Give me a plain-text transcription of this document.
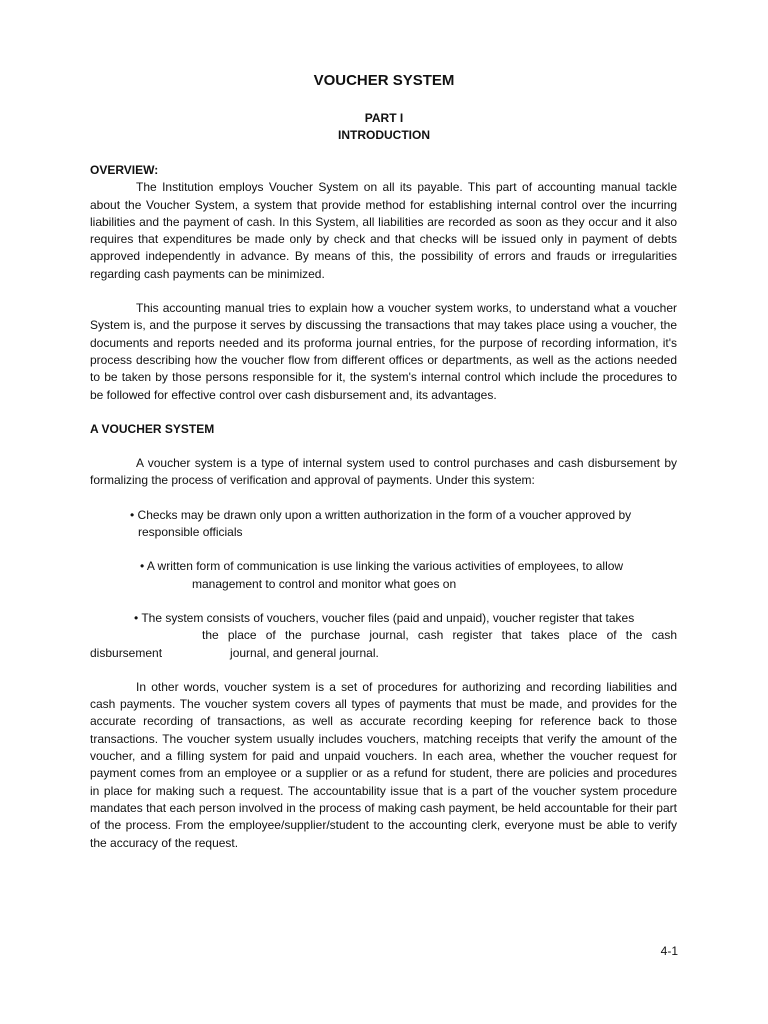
VOUCHER SYSTEM
PART I
INTRODUCTION

OVERVIEW:

The Institution employs Voucher System on all its payable. This part of accounting manual tackle about the Voucher System, a system that provide method for establishing internal control over the incurring liabilities and the payment of cash. In this System, all liabilities are recorded as soon as they occur and it also requires that expenditures be made only by check and that checks will be issued only in payment of debts approved independently in advance. By means of this, the possibility of errors and frauds or irregularities regarding cash payments can be minimized.

This accounting manual tries to explain how a voucher system works, to understand what a voucher System is, and the purpose it serves by discussing the transactions that may takes place using a voucher, the documents and reports needed and its proforma journal entries, for the purpose of recording information, it's process describing how the voucher flow from different offices or departments, as well as the actions needed to be taken by those persons responsible for it, the system's internal control which include the procedures to be followed for effective control over cash disbursement and, its advantages.

A VOUCHER SYSTEM

A voucher system is a type of internal system used to control purchases and cash disbursement by formalizing the process of verification and approval of payments. Under this system:

• Checks may be drawn only upon a written authorization in the form of a voucher approved by responsible officials

• A written form of communication is use linking the various activities of employees, to allow
management to control and monitor what goes on

• The system consists of vouchers, voucher files (paid and unpaid), voucher register that takes
the place of the purchase journal, cash register that takes place of the cash
disbursement	journal, and general journal.

In other words, voucher system is a set of procedures for authorizing and recording liabilities and cash payments. The voucher system covers all types of payments that must be made, and provides for the accurate recording of transactions, as well as accurate recording keeping for reference back to those transactions. The voucher system usually includes vouchers, matching receipts that verify the amount of the voucher, and a filling system for paid and unpaid vouchers. In each area, whether the voucher request for payment comes from an employee or a supplier or as a refund for student, there are policies and procedures in place for making such a request. The accountability issue that is a part of the voucher system procedure mandates that each person involved in the process of making cash payment, be held accountable for their part of the process. From the employee/supplier/student to the accounting clerk, everyone must be able to verify the accuracy of the request.

4-1
